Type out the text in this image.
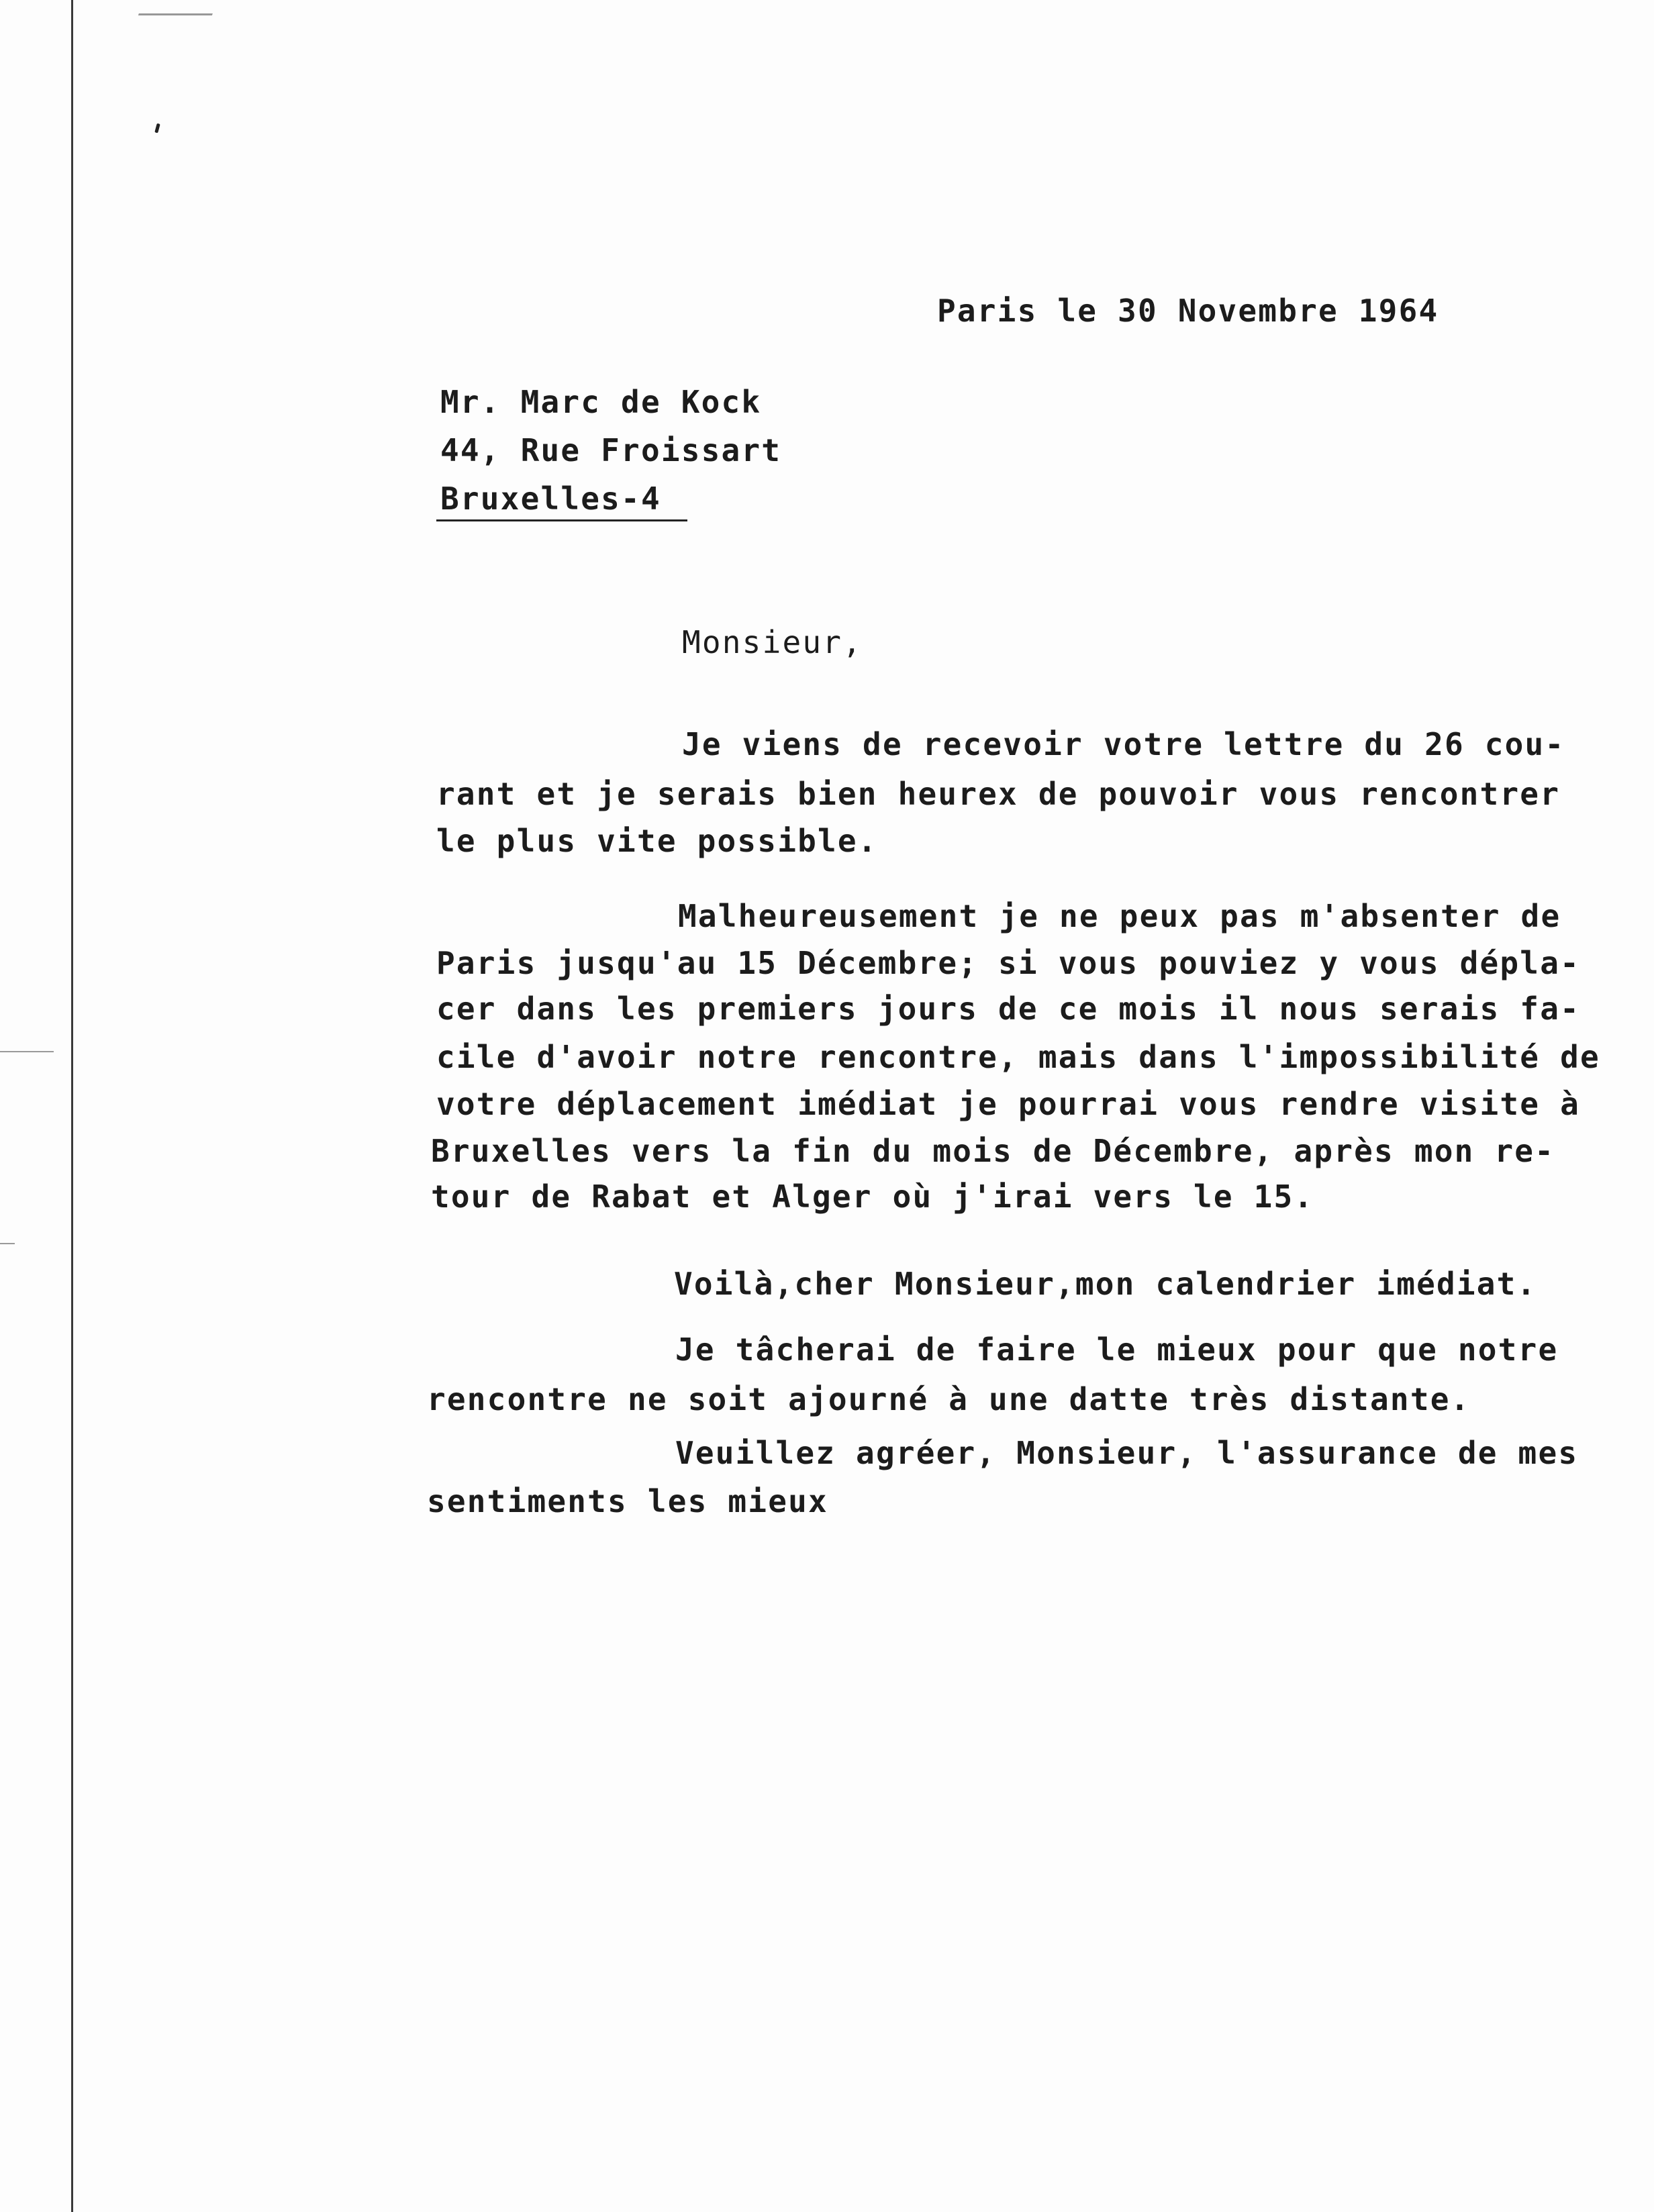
Paris le 30 Novembre 1964
Mr. Marc de Kock
44, Rue Froissart
Bruxelles-4
Monsieur,
Je viens de recevoir votre lettre du 26 cou-
rant et je serais bien heurex de pouvoir vous rencontrer
le plus vite possible.
Malheureusement je ne peux pas m'absenter de
Paris jusqu'au 15 Décembre; si vous pouviez y vous dépla-
cer dans les premiers jours de ce mois il nous serais fa-
cile d'avoir notre rencontre, mais dans l'impossibilité de
votre déplacement imédiat je pourrai vous rendre visite à
Bruxelles vers la fin du mois de Décembre, après mon re-
tour de Rabat et Alger où j'irai vers le 15.
Voilà,cher Monsieur,mon calendrier imédiat.
Je tâcherai de faire le mieux pour que notre
rencontre ne soit ajourné à une datte très distante.
Veuillez agréer, Monsieur, l'assurance de mes
sentiments les mieux
